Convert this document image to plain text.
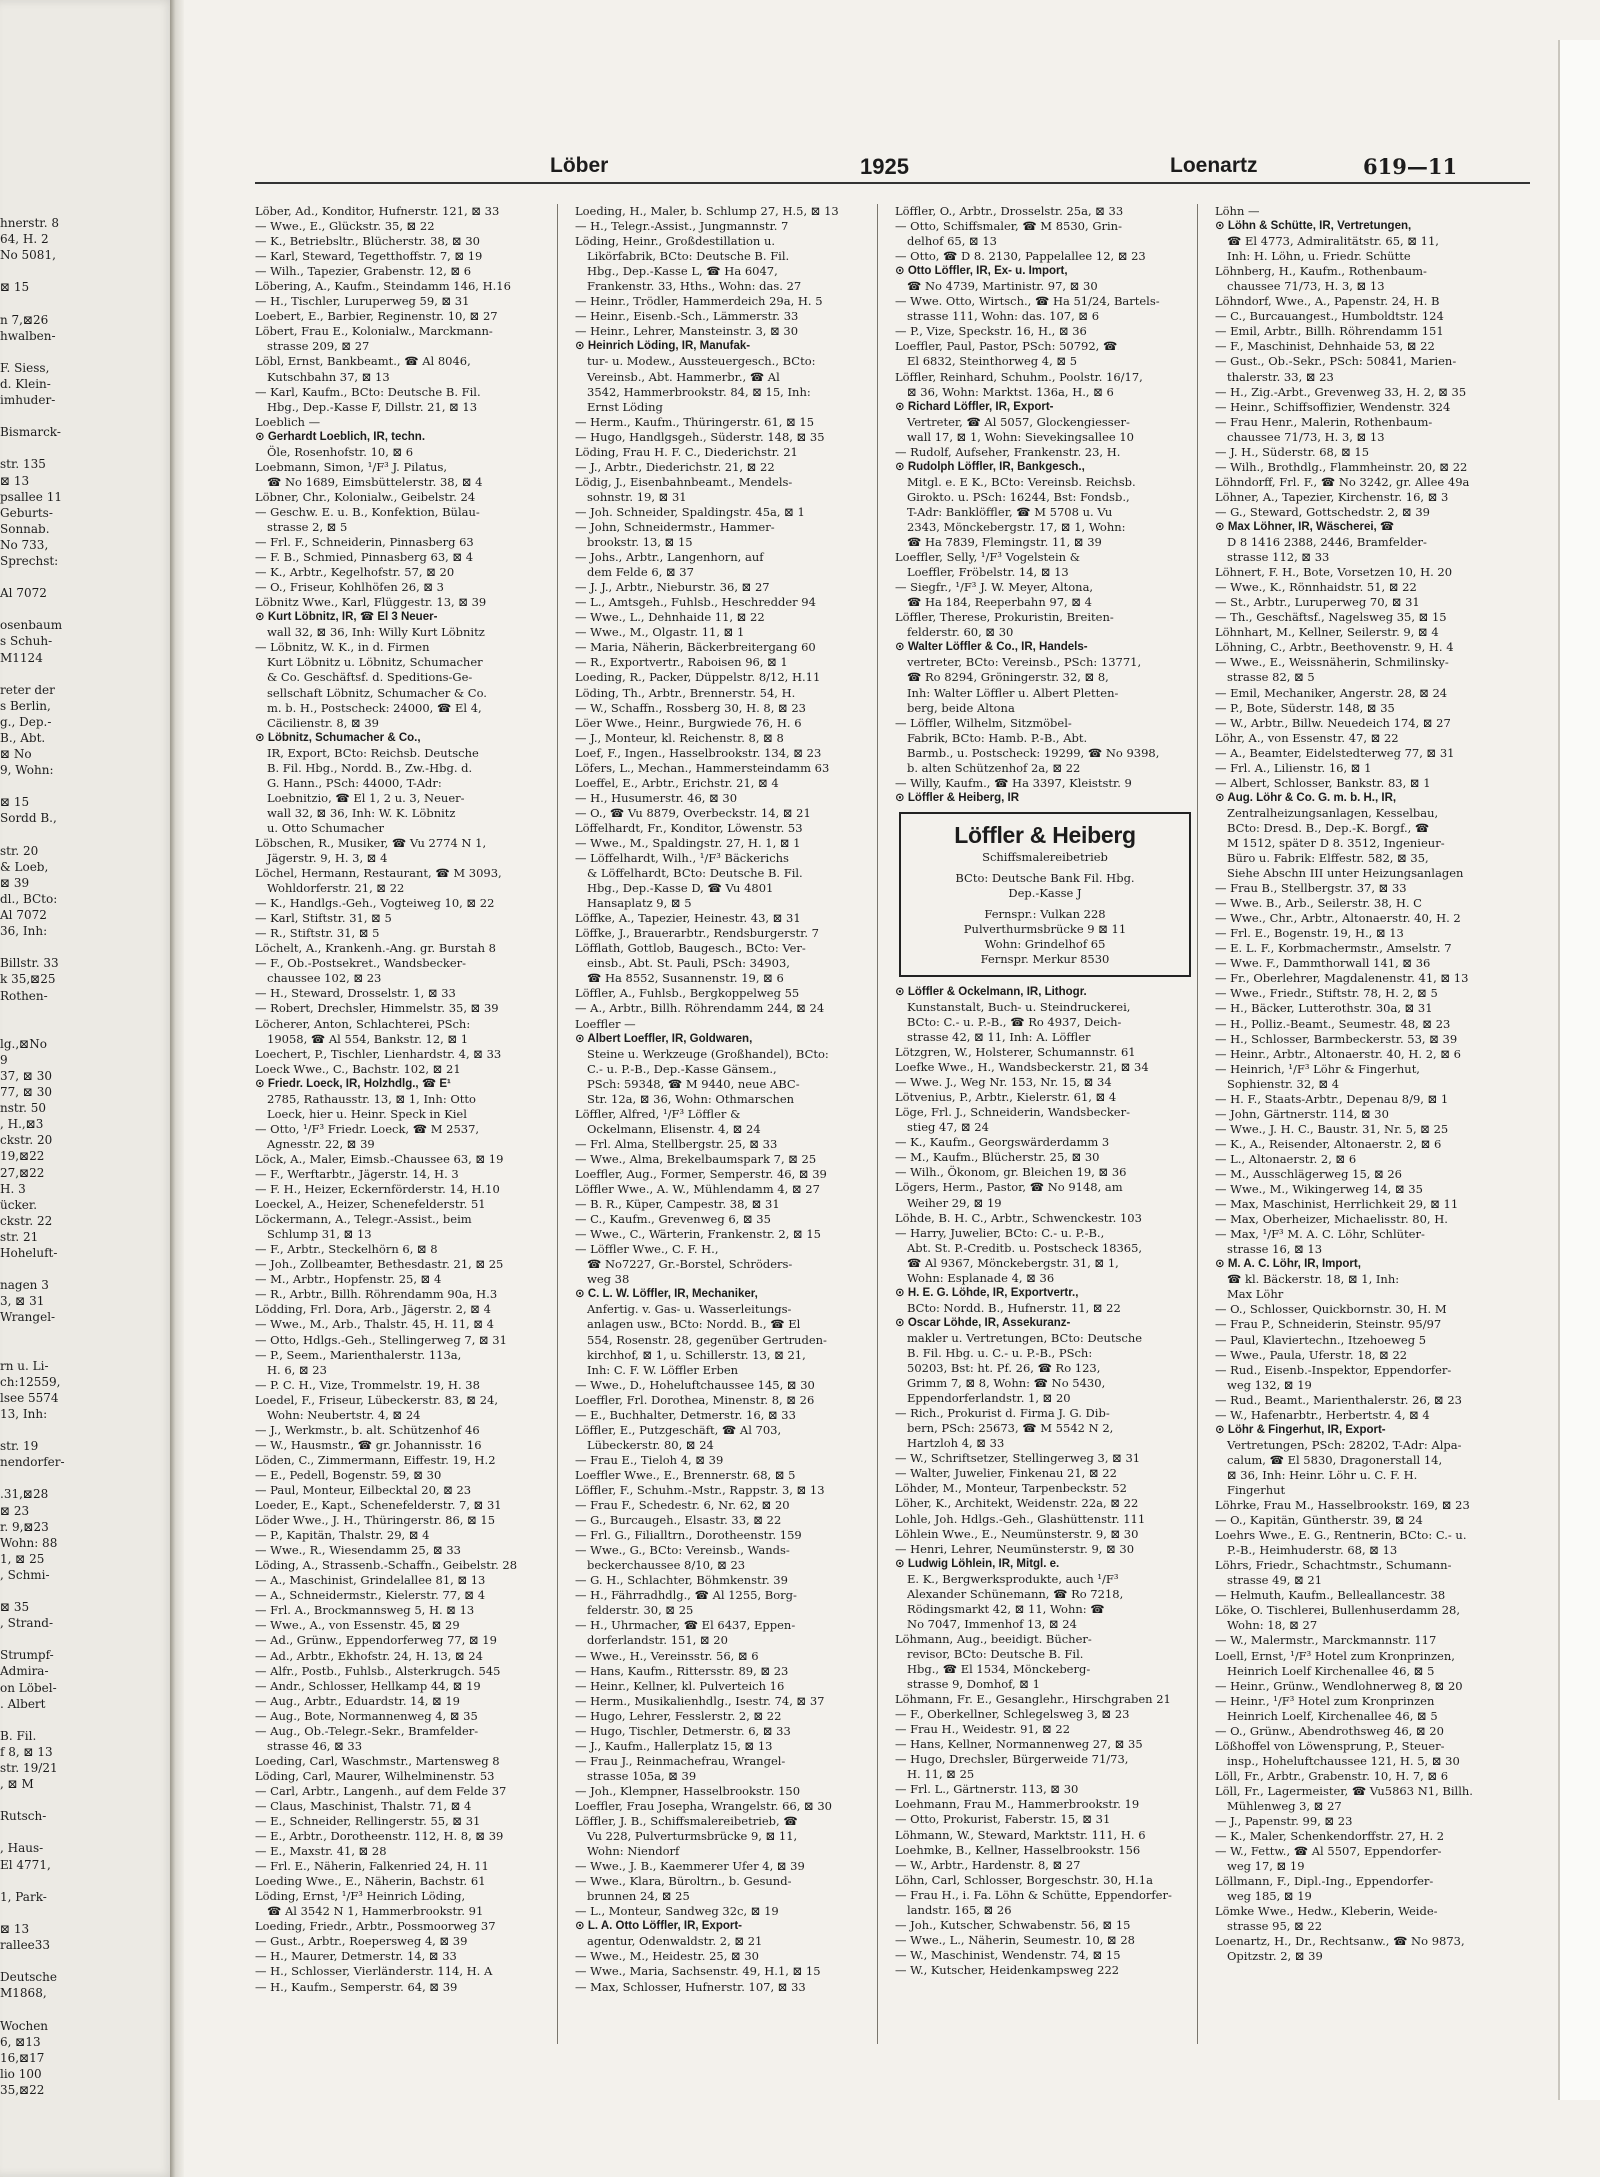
hnerstr. 8
64, H. 2
No 5081,

⊠ 15

n 7,⊠26
hwalben-

F. Siess,
d. Klein-
imhuder-

Bismarck-

str. 135
⊠ 13
psallee 11
Geburts-
Sonnab.
No 733,
Sprechst:

Al 7072

osenbaum
s Schuh-
M1124

reter der
s Berlin,
g., Dep.-
B., Abt.
⊠ No
9, Wohn:

⊠ 15
Sordd B.,

str. 20
& Loeb,
⊠ 39
dl., BCto:
Al 7072
36, Inh:

Billstr. 33
k 35,⊠25
Rothen-

lg.,⊠No
9
37, ⊠ 30
77, ⊠ 30
nstr. 50
, H.,⊠3
ckstr. 20
19,⊠22
27,⊠22
H. 3
ücker.
ckstr. 22
str. 21
Hoheluft-

nagen 3
3, ⊠ 31
Wrangel-

rn u. Li-
ch:12559,
lsee 5574
13, Inh:

str. 19
nendorfer-

.31,⊠28
⊠ 23
r. 9,⊠23
Wohn: 88
1, ⊠ 25
, Schmi-

⊠ 35
, Strand-

Strumpf-
Admira-
on Löbel-
. Albert

B. Fil.
f 8, ⊠ 13
str. 19/21
, ⊠ M

Rutsch-

, Haus-
El 4771,

1, Park-

⊠ 13
rallee33

Deutsche
M1868,

Wochen
6, ⊠13
16,⊠17
lio 100
35,⊠22
Löber	1925	Loenartz	619—11
Löber, Ad., Konditor, Hufnerstr. 121, ⊠ 33
— Wwe., E., Glückstr. 35, ⊠ 22
— K., Betriebsltr., Blücherstr. 38, ⊠ 30
— Karl, Steward, Tegetthoffstr. 7, ⊠ 19
— Wilh., Tapezier, Grabenstr. 12, ⊠ 6
Löbering, A., Kaufm., Steindamm 146, H.16
— H., Tischler, Luruperweg 59, ⊠ 31
Loebert, E., Barbier, Reginenstr. 10, ⊠ 27
Löbert, Frau E., Kolonialw., Marckmann-
strasse 209, ⊠ 27
Löbl, Ernst, Bankbeamt., ☎ Al 8046,
Kutschbahn 37, ⊠ 13
— Karl, Kaufm., BCto: Deutsche B. Fil.
Hbg., Dep.-Kasse F, Dillstr. 21, ⊠ 13
Loeblich —
⊙ Gerhardt Loeblich, IR, techn.
Öle, Rosenhofstr. 10, ⊠ 6
Loebmann, Simon, ¹/F³ J. Pilatus,
☎ No 1689, Eimsbüttelerstr. 38, ⊠ 4
Löbner, Chr., Kolonialw., Geibelstr. 24
— Geschw. E. u. B., Konfektion, Bülau-
strasse 2, ⊠ 5
— Frl. F., Schneiderin, Pinnasberg 63
— F. B., Schmied, Pinnasberg 63, ⊠ 4
— K., Arbtr., Kegelhofstr. 57, ⊠ 20
— O., Friseur, Kohlhöfen 26, ⊠ 3
Löbnitz Wwe., Karl, Flüggestr. 13, ⊠ 39
⊙ Kurt Löbnitz, IR, ☎ El 3 Neuer-
wall 32, ⊠ 36, Inh: Willy Kurt Löbnitz
— Löbnitz, W. K., in d. Firmen
Kurt Löbnitz u. Löbnitz, Schumacher
& Co. Geschäftsf. d. Speditions-Ge-
sellschaft Löbnitz, Schumacher & Co.
m. b. H., Postscheck: 24000, ☎ El 4,
Cäcilienstr. 8, ⊠ 39
⊙ Löbnitz, Schumacher & Co.,
IR, Export, BCto: Reichsb. Deutsche
B. Fil. Hbg., Nordd. B., Zw.-Hbg. d.
G. Hann., PSch: 44000, T-Adr:
Loebnitzio, ☎ El 1, 2 u. 3, Neuer-
wall 32, ⊠ 36, Inh: W. K. Löbnitz
u. Otto Schumacher
Löbschen, R., Musiker, ☎ Vu 2774 N 1,
Jägerstr. 9, H. 3, ⊠ 4
Löchel, Hermann, Restaurant, ☎ M 3093,
Wohldorferstr. 21, ⊠ 22
— K., Handlgs.-Geh., Vogteiweg 10, ⊠ 22
— Karl, Stiftstr. 31, ⊠ 5
— R., Stiftstr. 31, ⊠ 5
Löchelt, A., Krankenh.-Ang. gr. Burstah 8
— F., Ob.-Postsekret., Wandsbecker-
chaussee 102, ⊠ 23
— H., Steward, Drosselstr. 1, ⊠ 33
— Robert, Drechsler, Himmelstr. 35, ⊠ 39
Löcherer, Anton, Schlachterei, PSch:
19058, ☎ Al 554, Bankstr. 12, ⊠ 1
Loechert, P., Tischler, Lienhardstr. 4, ⊠ 33
Loeck Wwe., C., Bachstr. 102, ⊠ 21
⊙ Friedr. Loeck, IR, Holzhdlg., ☎ E¹
2785, Rathausstr. 13, ⊠ 1, Inh: Otto
Loeck, hier u. Heinr. Speck in Kiel
— Otto, ¹/F³ Friedr. Loeck, ☎ M 2537,
Agnesstr. 22, ⊠ 39
Löck, A., Maler, Eimsb.-Chaussee 63, ⊠ 19
— F., Werftarbtr., Jägerstr. 14, H. 3
— F. H., Heizer, Eckernförderstr. 14, H.10
Loeckel, A., Heizer, Schenefelderstr. 51
Löckermann, A., Telegr.-Assist., beim
Schlump 31, ⊠ 13
— F., Arbtr., Steckelhörn 6, ⊠ 8
— Joh., Zollbeamter, Bethesdastr. 21, ⊠ 25
— M., Arbtr., Hopfenstr. 25, ⊠ 4
— R., Arbtr., Billh. Röhrendamm 90a, H.3
Lödding, Frl. Dora, Arb., Jägerstr. 2, ⊠ 4
— Wwe., M., Arb., Thalstr. 45, H. 11, ⊠ 4
— Otto, Hdlgs.-Geh., Stellingerweg 7, ⊠ 31
— P., Seem., Marienthalerstr. 113a,
H. 6, ⊠ 23
— P. C. H., Vize, Trommelstr. 19, H. 38
Loedel, F., Friseur, Lübeckerstr. 83, ⊠ 24,
Wohn: Neubertstr. 4, ⊠ 24
— J., Werkmstr., b. alt. Schützenhof 46
— W., Hausmstr., ☎ gr. Johannisstr. 16
Löden, C., Zimmermann, Eiffestr. 19, H.2
— E., Pedell, Bogenstr. 59, ⊠ 30
— Paul, Monteur, Eilbecktal 20, ⊠ 23
Loeder, E., Kapt., Schenefelderstr. 7, ⊠ 31
Löder Wwe., J. H., Thüringerstr. 86, ⊠ 15
— P., Kapitän, Thalstr. 29, ⊠ 4
— Wwe., R., Wiesendamm 25, ⊠ 33
Löding, A., Strassenb.-Schaffn., Geibelstr. 28
— A., Maschinist, Grindelallee 81, ⊠ 13
— A., Schneidermstr., Kielerstr. 77, ⊠ 4
— Frl. A., Brockmannsweg 5, H. ⊠ 13
— Wwe., A., von Essenstr. 45, ⊠ 29
— Ad., Grünw., Eppendorferweg 77, ⊠ 19
— Ad., Arbtr., Ekhofstr. 24, H. 13, ⊠ 24
— Alfr., Postb., Fuhlsb., Alsterkrugch. 545
— Andr., Schlosser, Hellkamp 44, ⊠ 19
— Aug., Arbtr., Eduardstr. 14, ⊠ 19
— Aug., Bote, Normannenweg 4, ⊠ 35
— Aug., Ob.-Telegr.-Sekr., Bramfelder-
strasse 46, ⊠ 33
Loeding, Carl, Waschmstr., Martensweg 8
Löding, Carl, Maurer, Wilhelminenstr. 53
— Carl, Arbtr., Langenh., auf dem Felde 37
— Claus, Maschinist, Thalstr. 71, ⊠ 4
— E., Schneider, Rellingerstr. 55, ⊠ 31
— E., Arbtr., Dorotheenstr. 112, H. 8, ⊠ 39
— E., Maxstr. 41, ⊠ 28
— Frl. E., Näherin, Falkenried 24, H. 11
Loeding Wwe., E., Näherin, Bachstr. 61
Löding, Ernst, ¹/F³ Heinrich Löding,
☎ Al 3542 N 1, Hammerbrookstr. 91
Loeding, Friedr., Arbtr., Possmoorweg 37
— Gust., Arbtr., Roepersweg 4, ⊠ 39
— H., Maurer, Detmerstr. 14, ⊠ 33
— H., Schlosser, Vierländerstr. 114, H. A
— H., Kaufm., Semperstr. 64, ⊠ 39
Loeding, H., Maler, b. Schlump 27, H.5, ⊠ 13
— H., Telegr.-Assist., Jungmannstr. 7
Löding, Heinr., Großdestillation u.
Likörfabrik, BCto: Deutsche B. Fil.
Hbg., Dep.-Kasse L, ☎ Ha 6047,
Frankenstr. 33, Hths., Wohn: das. 27
— Heinr., Trödler, Hammerdeich 29a, H. 5
— Heinr., Eisenb.-Sch., Lämmerstr. 33
— Heinr., Lehrer, Mansteinstr. 3, ⊠ 30
⊙ Heinrich Löding, IR, Manufak-
tur- u. Modew., Aussteuergesch., BCto:
Vereinsb., Abt. Hammerbr., ☎ Al
3542, Hammerbrookstr. 84, ⊠ 15, Inh:
Ernst Löding
— Herm., Kaufm., Thüringerstr. 61, ⊠ 15
— Hugo, Handlgsgeh., Süderstr. 148, ⊠ 35
Löding, Frau H. F. C., Diederichstr. 21
— J., Arbtr., Diederichstr. 21, ⊠ 22
Lödig, J., Eisenbahnbeamt., Mendels-
sohnstr. 19, ⊠ 31
— Joh. Schneider, Spaldingstr. 45a, ⊠ 1
— John, Schneidermstr., Hammer-
brookstr. 13, ⊠ 15
— Johs., Arbtr., Langenhorn, auf
dem Felde 6, ⊠ 37
— J. J., Arbtr., Nieburstr. 36, ⊠ 27
— L., Amtsgeh., Fuhlsb., Heschredder 94
— Wwe., L., Dehnhaide 11, ⊠ 22
— Wwe., M., Olgastr. 11, ⊠ 1
— Maria, Näherin, Bäckerbreitergang 60
— R., Exportvertr., Raboisen 96, ⊠ 1
Loeding, R., Packer, Düppelstr. 8/12, H.11
Löding, Th., Arbtr., Brennerstr. 54, H.
— W., Schaffn., Rossberg 30, H. 8, ⊠ 23
Löer Wwe., Heinr., Burgwiede 76, H. 6
— J., Monteur, kl. Reichenstr. 8, ⊠ 8
Loef, F., Ingen., Hasselbrookstr. 134, ⊠ 23
Löfers, L., Mechan., Hammersteindamm 63
Loeffel, E., Arbtr., Erichstr. 21, ⊠ 4
— H., Husumerstr. 46, ⊠ 30
— O., ☎ Vu 8879, Overbeckstr. 14, ⊠ 21
Löffelhardt, Fr., Konditor, Löwenstr. 53
— Wwe., M., Spaldingstr. 27, H. 1, ⊠ 1
— Löffelhardt, Wilh., ¹/F³ Bäckerichs
& Löffelhardt, BCto: Deutsche B. Fil.
Hbg., Dep.-Kasse D, ☎ Vu 4801
Hansaplatz 9, ⊠ 5
Löffke, A., Tapezier, Heinestr. 43, ⊠ 31
Löffke, J., Brauerarbtr., Rendsburgerstr. 7
Löfflath, Gottlob, Baugesch., BCto: Ver-
einsb., Abt. St. Pauli, PSch: 34903,
☎ Ha 8552, Susannenstr. 19, ⊠ 6
Löffler, A., Fuhlsb., Bergkoppelweg 55
— A., Arbtr., Billh. Röhrendamm 244, ⊠ 24
Loeffler —
⊙ Albert Loeffler, IR, Goldwaren,
Steine u. Werkzeuge (Großhandel), BCto:
C.- u. P.-B., Dep.-Kasse Gänsem.,
PSch: 59348, ☎ M 9440, neue ABC-
Str. 12a, ⊠ 36, Wohn: Othmarschen
Löffler, Alfred, ¹/F³ Löffler &
Ockelmann, Elisenstr. 4, ⊠ 24
— Frl. Alma, Stellbergstr. 25, ⊠ 33
— Wwe., Alma, Brekelbaumspark 7, ⊠ 25
Loeffler, Aug., Former, Semperstr. 46, ⊠ 39
Löffler Wwe., A. W., Mühlendamm 4, ⊠ 27
— B. R., Küper, Campestr. 38, ⊠ 31
— C., Kaufm., Grevenweg 6, ⊠ 35
— Wwe., C., Wärterin, Frankenstr. 2, ⊠ 15
— Löffler Wwe., C. F. H.,
☎ No7227, Gr.-Borstel, Schröders-
weg 38
⊙ C. L. W. Löffler, IR, Mechaniker,
Anfertig. v. Gas- u. Wasserleitungs-
anlagen usw., BCto: Nordd. B., ☎ El
554, Rosenstr. 28, gegenüber Gertruden-
kirchhof, ⊠ 1, u. Schillerstr. 13, ⊠ 21,
Inh: C. F. W. Löffler Erben
— Wwe., D., Hoheluftchaussee 145, ⊠ 30
Loeffler, Frl. Dorothea, Minenstr. 8, ⊠ 26
— E., Buchhalter, Detmerstr. 16, ⊠ 33
Löffler, E., Putzgeschäft, ☎ Al 703,
Lübeckerstr. 80, ⊠ 24
— Frau E., Tieloh 4, ⊠ 39
Loeffler Wwe., E., Brennerstr. 68, ⊠ 5
Löffler, F., Schuhm.-Mstr., Rappstr. 3, ⊠ 13
— Frau F., Schedestr. 6, Nr. 62, ⊠ 20
— G., Burcaugeh., Elsastr. 33, ⊠ 22
— Frl. G., Filialltrn., Dorotheenstr. 159
— Wwe., G., BCto: Vereinsb., Wands-
beckerchaussee 8/10, ⊠ 23
— G. H., Schlachter, Böhmkenstr. 39
— H., Fährradhdlg., ☎ Al 1255, Borg-
felderstr. 30, ⊠ 25
— H., Uhrmacher, ☎ El 6437, Eppen-
dorferlandstr. 151, ⊠ 20
— Wwe., H., Vereinsstr. 56, ⊠ 6
— Hans, Kaufm., Rittersstr. 89, ⊠ 23
— Heinr., Kellner, kl. Pulverteich 16
— Herm., Musikalienhdlg., Isestr. 74, ⊠ 37
— Hugo, Lehrer, Fesslerstr. 2, ⊠ 22
— Hugo, Tischler, Detmerstr. 6, ⊠ 33
— J., Kaufm., Hallerplatz 15, ⊠ 13
— Frau J., Reinmachefrau, Wrangel-
strasse 105a, ⊠ 39
— Joh., Klempner, Hasselbrookstr. 150
Loeffler, Frau Josepha, Wrangelstr. 66, ⊠ 30
Löffler, J. B., Schiffsmalereibetrieb, ☎
Vu 228, Pulverturmsbrücke 9, ⊠ 11,
Wohn: Niendorf
— Wwe., J. B., Kaemmerer Ufer 4, ⊠ 39
— Wwe., Klara, Büroltrn., b. Gesund-
brunnen 24, ⊠ 25
— L., Monteur, Sandweg 32c, ⊠ 19
⊙ L. A. Otto Löffler, IR, Export-
agentur, Odenwaldstr. 2, ⊠ 21
— Wwe., M., Heidestr. 25, ⊠ 30
— Wwe., Maria, Sachsenstr. 49, H.1, ⊠ 15
— Max, Schlosser, Hufnerstr. 107, ⊠ 33
Löffler, O., Arbtr., Drosselstr. 25a, ⊠ 33
— Otto, Schiffsmaler, ☎ M 8530, Grin-
delhof 65, ⊠ 13
— Otto, ☎ D 8. 2130, Pappelallee 12, ⊠ 23
⊙ Otto Löffler, IR, Ex- u. Import,
☎ No 4739, Martinistr. 97, ⊠ 30
— Wwe. Otto, Wirtsch., ☎ Ha 51/24, Bartels-
strasse 111, Wohn: das. 107, ⊠ 6
— P., Vize, Speckstr. 16, H., ⊠ 36
Loeffler, Paul, Pastor, PSch: 50792, ☎
El 6832, Steinthorweg 4, ⊠ 5
Löffler, Reinhard, Schuhm., Poolstr. 16/17,
⊠ 36, Wohn: Marktst. 136a, H., ⊠ 6
⊙ Richard Löffler, IR, Export-
Vertreter, ☎ Al 5057, Glockengiesser-
wall 17, ⊠ 1, Wohn: Sievekingsallee 10
— Rudolf, Aufseher, Frankenstr. 23, H.
⊙ Rudolph Löffler, IR, Bankgesch.,
Mitgl. e. E K., BCto: Vereinsb. Reichsb.
Girokto. u. PSch: 16244, Bst: Fondsb.,
T-Adr: Banklöffler, ☎ M 5708 u. Vu
2343, Mönckebergstr. 17, ⊠ 1, Wohn:
☎ Ha 7839, Flemingstr. 11, ⊠ 39
Loeffler, Selly, ¹/F³ Vogelstein &
Loeffler, Fröbelstr. 14, ⊠ 13
— Siegfr., ¹/F³ J. W. Meyer, Altona,
☎ Ha 184, Reeperbahn 97, ⊠ 4
Löffler, Therese, Prokuristin, Breiten-
felderstr. 60, ⊠ 30
⊙ Walter Löffler & Co., IR, Handels-
vertreter, BCto: Vereinsb., PSch: 13771,
☎ Ro 8294, Gröningerstr. 32, ⊠ 8,
Inh: Walter Löffler u. Albert Pletten-
berg, beide Altona
— Löffler, Wilhelm, Sitzmöbel-
Fabrik, BCto: Hamb. P.-B., Abt.
Barmb., u. Postscheck: 19299, ☎ No 9398,
b. alten Schützenhof 2a, ⊠ 22
— Willy, Kaufm., ☎ Ha 3397, Kleiststr. 9
⊙ Löffler & Heiberg, IR
Löffler & Heiberg
Schiffsmalereibetrieb
BCto: Deutsche Bank Fil. Hbg.
Dep.-Kasse J
Fernspr.: Vulkan 228
Pulverthurmsbrücke 9 ⊠ 11
Wohn: Grindelhof 65
Fernspr. Merkur 8530
⊙ Löffler & Ockelmann, IR, Lithogr.
Kunstanstalt, Buch- u. Steindruckerei,
BCto: C.- u. P.-B., ☎ Ro 4937, Deich-
strasse 42, ⊠ 11, Inh: A. Löffler
Lötzgren, W., Holsterer, Schumannstr. 61
Loefke Wwe., H., Wandsbeckerstr. 21, ⊠ 34
— Wwe. J., Weg Nr. 153, Nr. 15, ⊠ 34
Lötvenius, P., Arbtr., Kielerstr. 61, ⊠ 4
Löge, Frl. J., Schneiderin, Wandsbecker-
stieg 47, ⊠ 24
— K., Kaufm., Georgswärderdamm 3
— M., Kaufm., Blücherstr. 25, ⊠ 30
— Wilh., Ökonom, gr. Bleichen 19, ⊠ 36
Lögers, Herm., Pastor, ☎ No 9148, am
Weiher 29, ⊠ 19
Löhde, B. H. C., Arbtr., Schwenckestr. 103
— Harry, Juwelier, BCto: C.- u. P.-B.,
Abt. St. P.-Creditb. u. Postscheck 18365,
☎ Al 9367, Mönckebergstr. 31, ⊠ 1,
Wohn: Esplanade 4, ⊠ 36
⊙ H. E. G. Löhde, IR, Exportvertr.,
BCto: Nordd. B., Hufnerstr. 11, ⊠ 22
⊙ Oscar Löhde, IR, Assekuranz-
makler u. Vertretungen, BCto: Deutsche
B. Fil. Hbg. u. C.- u. P.-B., PSch:
50203, Bst: ht. Pf. 26, ☎ Ro 123,
Grimm 7, ⊠ 8, Wohn: ☎ No 5430,
Eppendorferlandstr. 1, ⊠ 20
— Rich., Prokurist d. Firma J. G. Dib-
bern, PSch: 25673, ☎ M 5542 N 2,
Hartzloh 4, ⊠ 33
— W., Schriftsetzer, Stellingerweg 3, ⊠ 31
— Walter, Juwelier, Finkenau 21, ⊠ 22
Löhder, M., Monteur, Tarpenbeckstr. 52
Löher, K., Architekt, Weidenstr. 22a, ⊠ 22
Lohle, Joh. Hdlgs.-Geh., Glashüttenstr. 111
Löhlein Wwe., E., Neumünsterstr. 9, ⊠ 30
— Henri, Lehrer, Neumünsterstr. 9, ⊠ 30
⊙ Ludwig Löhlein, IR, Mitgl. e.
E. K., Bergwerksprodukte, auch ¹/F³
Alexander Schünemann, ☎ Ro 7218,
Rödingsmarkt 42, ⊠ 11, Wohn: ☎
No 7047, Immenhof 13, ⊠ 24
Löhmann, Aug., beeidigt. Bücher-
revisor, BCto: Deutsche B. Fil.
Hbg., ☎ El 1534, Mönckeberg-
strasse 9, Domhof, ⊠ 1
Löhmann, Fr. E., Gesanglehr., Hirschgraben 21
— F., Oberkellner, Schlegelsweg 3, ⊠ 23
— Frau H., Weidestr. 91, ⊠ 22
— Hans, Kellner, Normannenweg 27, ⊠ 35
— Hugo, Drechsler, Bürgerweide 71/73,
H. 11, ⊠ 25
— Frl. L., Gärtnerstr. 113, ⊠ 30
Loehmann, Frau M., Hammerbrookstr. 19
— Otto, Prokurist, Faberstr. 15, ⊠ 31
Löhmann, W., Steward, Marktstr. 111, H. 6
Loehmke, B., Kellner, Hasselbrookstr. 156
— W., Arbtr., Hardenstr. 8, ⊠ 27
Löhn, Carl, Schlosser, Borgeschstr. 30, H.1a
— Frau H., i. Fa. Löhn & Schütte, Eppendorfer-
landstr. 165, ⊠ 26
— Joh., Kutscher, Schwabenstr. 56, ⊠ 15
— Wwe., L., Näherin, Seumestr. 10, ⊠ 28
— W., Maschinist, Wendenstr. 74, ⊠ 15
— W., Kutscher, Heidenkampsweg 222
Löhn —
⊙ Löhn & Schütte, IR, Vertretungen,
☎ El 4773, Admiralitätstr. 65, ⊠ 11,
Inh: H. Löhn, u. Friedr. Schütte
Löhnberg, H., Kaufm., Rothenbaum-
chaussee 71/73, H. 3, ⊠ 13
Löhndorf, Wwe., A., Papenstr. 24, H. B
— C., Burcauangest., Humboldtstr. 124
— Emil, Arbtr., Billh. Röhrendamm 151
— F., Maschinist, Dehnhaide 53, ⊠ 22
— Gust., Ob.-Sekr., PSch: 50841, Marien-
thalerstr. 33, ⊠ 23
— H., Zig.-Arbt., Grevenweg 33, H. 2, ⊠ 35
— Heinr., Schiffsoffizier, Wendenstr. 324
— Frau Henr., Malerin, Rothenbaum-
chaussee 71/73, H. 3, ⊠ 13
— J. H., Süderstr. 68, ⊠ 15
— Wilh., Brothdlg., Flammheinstr. 20, ⊠ 22
Löhndorff, Frl. F., ☎ No 3242, gr. Allee 49a
Löhner, A., Tapezier, Kirchenstr. 16, ⊠ 3
— G., Steward, Gottschedstr. 2, ⊠ 39
⊙ Max Löhner, IR, Wäscherei, ☎
D 8 1416 2388, 2446, Bramfelder-
strasse 112, ⊠ 33
Löhnert, F. H., Bote, Vorsetzen 10, H. 20
— Wwe., K., Rönnhaidstr. 51, ⊠ 22
— St., Arbtr., Luruperweg 70, ⊠ 31
— Th., Geschäftsf., Nagelsweg 35, ⊠ 15
Löhnhart, M., Kellner, Seilerstr. 9, ⊠ 4
Löhning, C., Arbtr., Beethovenstr. 9, H. 4
— Wwe., E., Weissnäherin, Schmilinsky-
strasse 82, ⊠ 5
— Emil, Mechaniker, Angerstr. 28, ⊠ 24
— P., Bote, Süderstr. 148, ⊠ 35
— W., Arbtr., Billw. Neuedeich 174, ⊠ 27
Löhr, A., von Essenstr. 47, ⊠ 22
— A., Beamter, Eidelstedterweg 77, ⊠ 31
— Frl. A., Lilienstr. 16, ⊠ 1
— Albert, Schlosser, Bankstr. 83, ⊠ 1
⊙ Aug. Löhr & Co. G. m. b. H., IR,
Zentralheizungsanlagen, Kesselbau,
BCto: Dresd. B., Dep.-K. Borgf., ☎
M 1512, später D 8. 3512, Ingenieur-
Büro u. Fabrik: Elffestr. 582, ⊠ 35,
Siehe Abschn III unter Heizungsanlagen
— Frau B., Stellbergstr. 37, ⊠ 33
— Wwe. B., Arb., Seilerstr. 38, H. C
— Wwe., Chr., Arbtr., Altonaerstr. 40, H. 2
— Frl. E., Bogenstr. 19, H., ⊠ 13
— E. L. F., Korbmachermstr., Amselstr. 7
— Wwe. F., Dammthorwall 141, ⊠ 36
— Fr., Oberlehrer, Magdalenenstr. 41, ⊠ 13
— Wwe., Friedr., Stiftstr. 78, H. 2, ⊠ 5
— H., Bäcker, Lutterothstr. 30a, ⊠ 31
— H., Polliz.-Beamt., Seumestr. 48, ⊠ 23
— H., Schlosser, Barmbeckerstr. 53, ⊠ 39
— Heinr., Arbtr., Altonaerstr. 40, H. 2, ⊠ 6
— Heinrich, ¹/F³ Löhr & Fingerhut,
Sophienstr. 32, ⊠ 4
— H. F., Staats-Arbtr., Depenau 8/9, ⊠ 1
— John, Gärtnerstr. 114, ⊠ 30
— Wwe., J. H. C., Baustr. 31, Nr. 5, ⊠ 25
— K., A., Reisender, Altonaerstr. 2, ⊠ 6
— L., Altonaerstr. 2, ⊠ 6
— M., Ausschlägerweg 15, ⊠ 26
— Wwe., M., Wikingerweg 14, ⊠ 35
— Max, Maschinist, Herrlichkeit 29, ⊠ 11
— Max, Oberheizer, Michaelisstr. 80, H.
— Max, ¹/F³ M. A. C. Löhr, Schlüter-
strasse 16, ⊠ 13
⊙ M. A. C. Löhr, IR, Import,
☎ kl. Bäckerstr. 18, ⊠ 1, Inh:
Max Löhr
— O., Schlosser, Quickbornstr. 30, H. M
— Frau P., Schneiderin, Steinstr. 95/97
— Paul, Klaviertechn., Itzehoeweg 5
— Wwe., Paula, Uferstr. 18, ⊠ 22
— Rud., Eisenb.-Inspektor, Eppendorfer-
weg 132, ⊠ 19
— Rud., Beamt., Marienthalerstr. 26, ⊠ 23
— W., Hafenarbtr., Herbertstr. 4, ⊠ 4
⊙ Löhr & Fingerhut, IR, Export-
Vertretungen, PSch: 28202, T-Adr: Alpa-
calum, ☎ El 5830, Dragonerstall 14,
⊠ 36, Inh: Heinr. Löhr u. C. F. H.
Fingerhut
Löhrke, Frau M., Hasselbrookstr. 169, ⊠ 23
— O., Kapitän, Güntherstr. 39, ⊠ 24
Loehrs Wwe., E. G., Rentnerin, BCto: C.- u.
P.-B., Heimhuderstr. 68, ⊠ 13
Löhrs, Friedr., Schachtmstr., Schumann-
strasse 49, ⊠ 21
— Helmuth, Kaufm., Belleallancestr. 38
Löke, O. Tischlerei, Bullenhuserdamm 28,
Wohn: 18, ⊠ 27
— W., Malermstr., Marckmannstr. 117
Loell, Ernst, ¹/F³ Hotel zum Kronprinzen,
Heinrich Loelf Kirchenallee 46, ⊠ 5
— Heinr., Grünw., Wendlohnerweg 8, ⊠ 20
— Heinr., ¹/F³ Hotel zum Kronprinzen
Heinrich Loelf, Kirchenallee 46, ⊠ 5
— O., Grünw., Abendrothsweg 46, ⊠ 20
Lößhoffel von Löwensprung, P., Steuer-
insp., Hoheluftchaussee 121, H. 5, ⊠ 30
Löll, Fr., Arbtr., Grabenstr. 10, H. 7, ⊠ 6
Löll, Fr., Lagermeister, ☎ Vu5863 N1, Billh.
Mühlenweg 3, ⊠ 27
— J., Papenstr. 99, ⊠ 23
— K., Maler, Schenkendorffstr. 27, H. 2
— W., Fettw., ☎ Al 5507, Eppendorfer-
weg 17, ⊠ 19
Löllmann, F., Dipl.-Ing., Eppendorfer-
weg 185, ⊠ 19
Lömke Wwe., Hedw., Kleberin, Weide-
strasse 95, ⊠ 22
Loenartz, H., Dr., Rechtsanw., ☎ No 9873,
Opitzstr. 2, ⊠ 39
